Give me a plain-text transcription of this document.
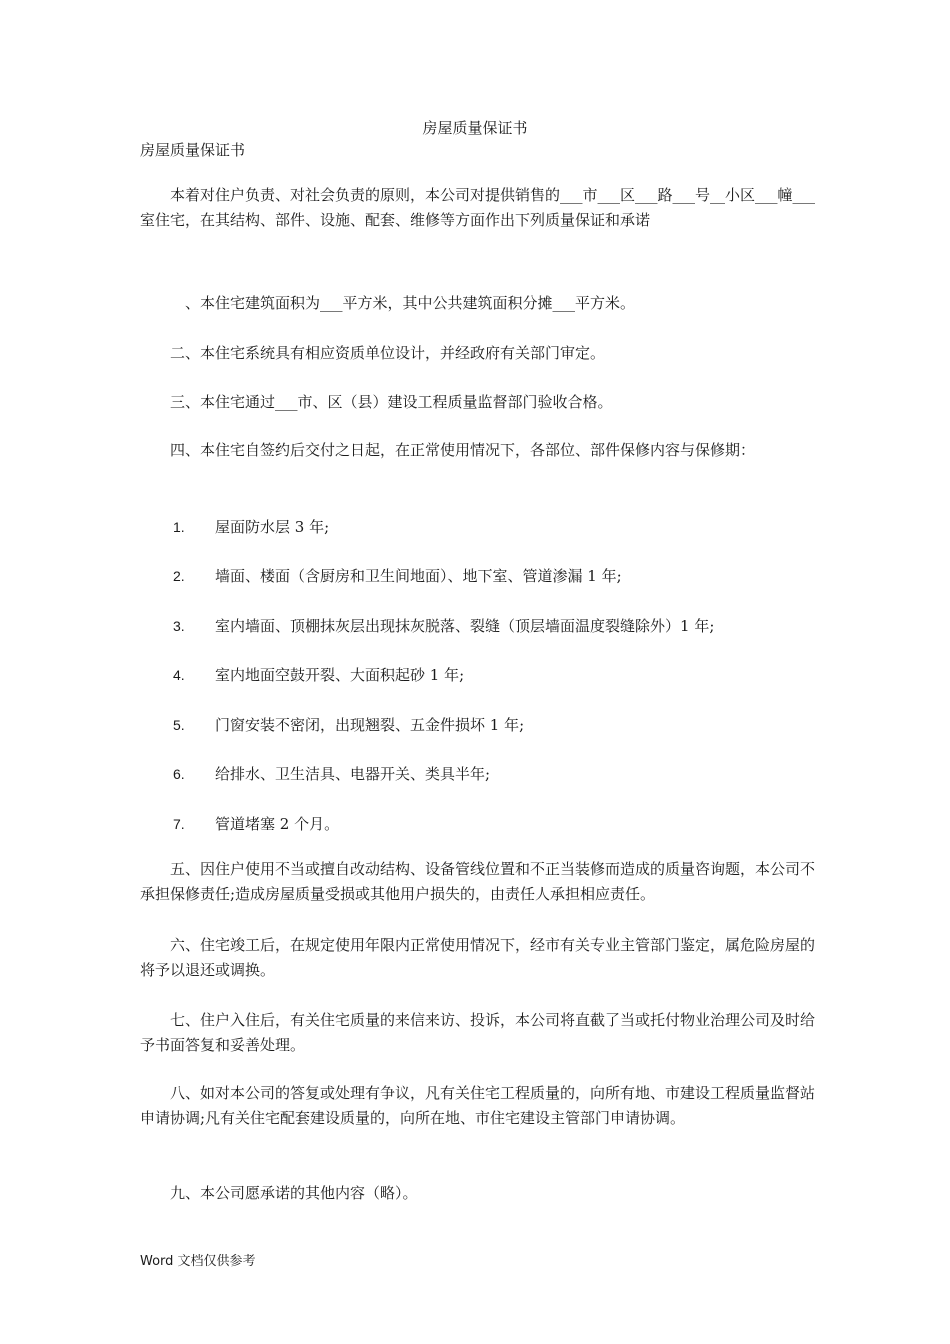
房屋质量保证书
房屋质量保证书

本着对住户负责、对社会负责的原则，本公司对提供销售的___市___区___路___号__小区___幢___室住宅，在其结构、部件、设施、配套、维修等方面作出下列质量保证和承诺

、本住宅建筑面积为___平方米，其中公共建筑面积分摊___平方米。

二、本住宅系统具有相应资质单位设计，并经政府有关部门审定。

三、本住宅通过___市、区（县）建设工程质量监督部门验收合格。

四、本住宅自签约后交付之日起，在正常使用情况下，各部位、部件保修内容与保修期：

1.	屋面防水层 3 年;
2.	墙面、楼面（含厨房和卫生间地面）、地下室、管道渗漏 1 年;
3.	室内墙面、顶棚抹灰层出现抹灰脱落、裂缝（顶层墙面温度裂缝除外）1 年;
4.	室内地面空鼓开裂、大面积起砂 1 年;
5.	门窗安装不密闭，出现翘裂、五金件损坏 1 年;
6.	给排水、卫生洁具、电器开关、类具半年;
7.	管道堵塞 2 个月。

五、因住户使用不当或擅自改动结构、设备管线位置和不正当装修而造成的质量咨询题，本公司不承担保修责任;造成房屋质量受损或其他用户损失的，由责任人承担相应责任。

六、住宅竣工后，在规定使用年限内正常使用情况下，经市有关专业主管部门鉴定，属危险房屋的将予以退还或调换。

七、住户入住后，有关住宅质量的来信来访、投诉，本公司将直截了当或托付物业治理公司及时给予书面答复和妥善处理。

八、如对本公司的答复或处理有争议，凡有关住宅工程质量的，向所有地、市建设工程质量监督站申请协调;凡有关住宅配套建设质量的，向所在地、市住宅建设主管部门申请协调。

九、本公司愿承诺的其他内容（略）。

Word 文档仅供参考
